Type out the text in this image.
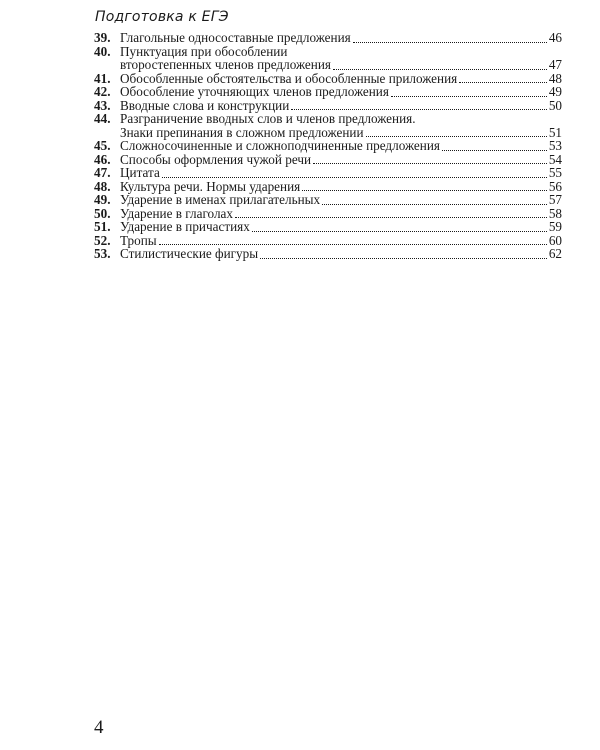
Подготовка к ЕГЭ
39. Глагольные односоставные предложения	46
40. Пунктуация при обособлении
второстепенных членов предложения	47
41. Обособленные обстоятельства и обособленные приложения	48
42. Обособление уточняющих членов предложения	49
43. Вводные слова и конструкции	50
44. Разграничение вводных слов и членов предложения.
Знаки препинания в сложном предложении	51
45. Сложносочиненные и сложноподчиненные предложения	53
46. Способы оформления чужой речи	54
47. Цитата	55
48. Культура речи. Нормы ударения	56
49. Ударение в именах прилагательных	57
50. Ударение в глаголах	58
51. Ударение в причастиях	59
52. Тропы	60
53. Стилистические фигуры	62
4
